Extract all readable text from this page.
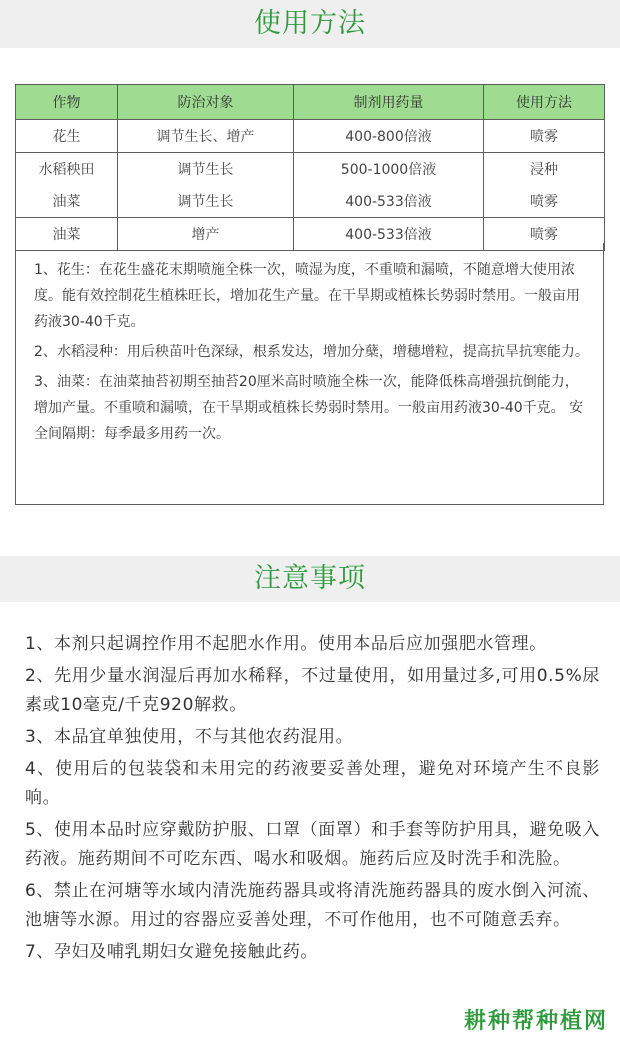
使用方法
作物	防治对象	制剂用药量	使用方法
花生	调节生长、增产	400-800倍液	喷雾
水稻秧田	调节生长	500-1000倍液	浸种
油菜	调节生长	400-533倍液	喷雾
油菜	增产	400-533倍液	喷雾

1、花生：在花生盛花末期喷施全株一次，喷湿为度，不重喷和漏喷，不随意增大使用浓度。能有效控制花生植株旺长，增加花生产量。在干旱期或植株长势弱时禁用。一般亩用药液30-40千克。

2、水稻浸种：用后秧苗叶色深绿，根系发达，增加分蘖，增穗增粒，提高抗旱抗寒能力。

3、油菜：在油菜抽苔初期至抽苔20厘米高时喷施全株一次，能降低株高增强抗倒能力，增加产量。不重喷和漏喷，在干旱期或植株长势弱时禁用。一般亩用药液30-40千克。 安全间隔期：每季最多用药一次。

注意事项

1、本剂只起调控作用不起肥水作用。使用本品后应加强肥水管理。

2、先用少量水润湿后再加水稀释，不过量使用，如用量过多,可用0.5%尿素或10毫克/千克920解救。

3、本品宜单独使用，不与其他农药混用。

4、使用后的包装袋和未用完的药液要妥善处理，避免对环境产生不良影响。

5、使用本品时应穿戴防护服、口罩（面罩）和手套等防护用具，避免吸入药液。施药期间不可吃东西、喝水和吸烟。施药后应及时洗手和洗脸。

6、禁止在河塘等水域内清洗施药器具或将清洗施药器具的废水倒入河流、池塘等水源。用过的容器应妥善处理，不可作他用，也不可随意丢弃。

7、孕妇及哺乳期妇女避免接触此药。

耕种帮种植网
